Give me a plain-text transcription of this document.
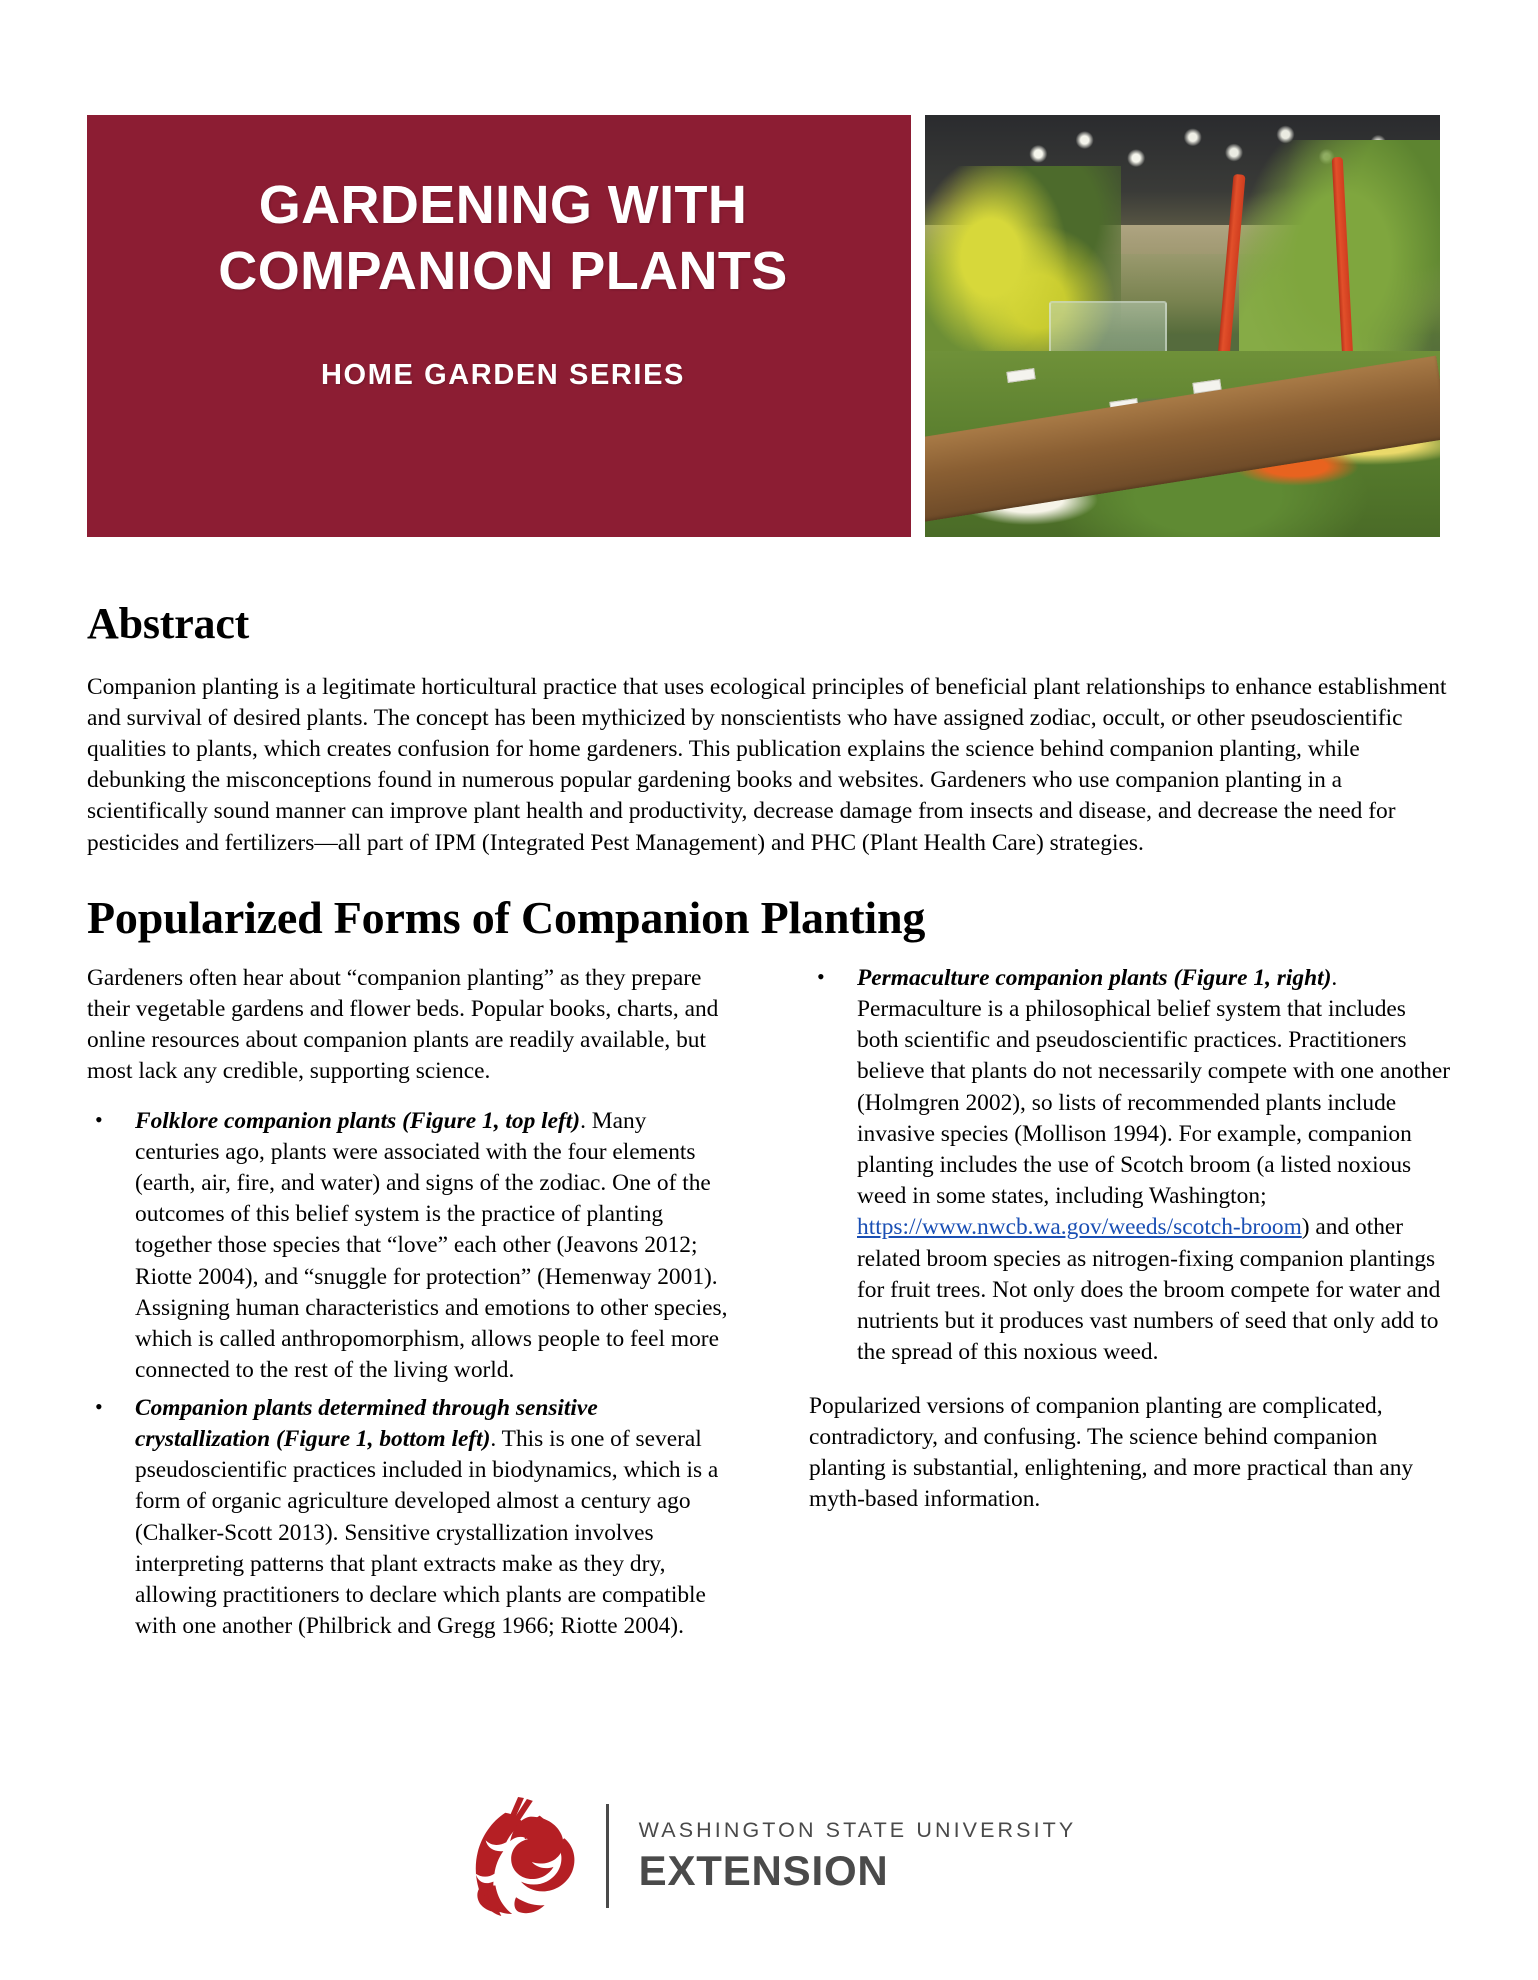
GARDENING WITH
COMPANION PLANTS
HOME GARDEN SERIES
Abstract

Companion planting is a legitimate horticultural practice that uses ecological principles of beneficial plant relationships to enhance establishment and survival of desired plants. The concept has been mythicized by nonscientists who have assigned zodiac, occult, or other pseudoscientific qualities to plants, which creates confusion for home gardeners. This publication explains the science behind companion planting, while debunking the misconceptions found in numerous popular gardening books and websites. Gardeners who use companion planting in a scientifically sound manner can improve plant health and productivity, decrease damage from insects and disease, and decrease the need for pesticides and fertilizers—all part of IPM (Integrated Pest Management) and PHC (Plant Health Care) strategies.

Popularized Forms of Companion Planting

Gardeners often hear about “companion planting” as they prepare their vegetable gardens and flower beds. Popular books, charts, and online resources about companion plants are readily available, but most lack any credible, supporting science.

• Folklore companion plants (Figure 1, top left). Many centuries ago, plants were associated with the four elements (earth, air, fire, and water) and signs of the zodiac. One of the outcomes of this belief system is the practice of planting together those species that “love” each other (Jeavons 2012; Riotte 2004), and “snuggle for protection” (Hemenway 2001). Assigning human characteristics and emotions to other species, which is called anthropomorphism, allows people to feel more connected to the rest of the living world.
• Companion plants determined through sensitive crystallization (Figure 1, bottom left). This is one of several pseudoscientific practices included in biodynamics, which is a form of organic agriculture developed almost a century ago (Chalker-Scott 2013). Sensitive crystallization involves interpreting patterns that plant extracts make as they dry, allowing practitioners to declare which plants are compatible with one another (Philbrick and Gregg 1966; Riotte 2004).
• Permaculture companion plants (Figure 1, right). Permaculture is a philosophical belief system that includes both scientific and pseudoscientific practices. Practitioners believe that plants do not necessarily compete with one another (Holmgren 2002), so lists of recommended plants include invasive species (Mollison 1994). For example, companion planting includes the use of Scotch broom (a listed noxious weed in some states, including Washington; https://www.nwcb.wa.gov/weeds/scotch-broom) and other related broom species as nitrogen-fixing companion plantings for fruit trees. Not only does the broom compete for water and nutrients but it produces vast numbers of seed that only add to the spread of this noxious weed.

Popularized versions of companion planting are complicated, contradictory, and confusing. The science behind companion planting is substantial, enlightening, and more practical than any myth-based information.

WASHINGTON STATE UNIVERSITY
EXTENSION
